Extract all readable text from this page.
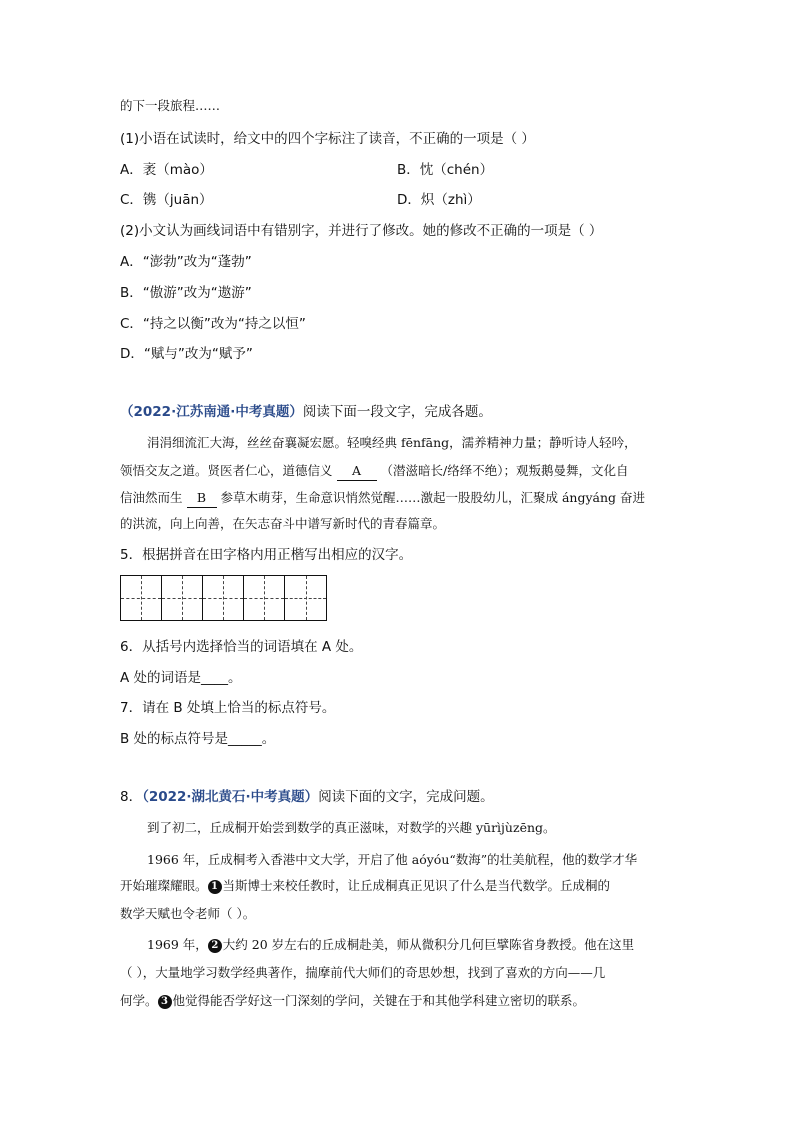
的下一段旅程……
(1)小语在试读时，给文中的四个字标注了读音，不正确的一项是（ ）
A．袤（mào）	B．忱（chén）
C．镌（juān）	D．炽（zhì）
(2)小文认为画线词语中有错别字，并进行了修改。她的修改不正确的一项是（ ）
A．“澎勃”改为“蓬勃”
B．“傲游”改为“遨游”
C．“持之以衡”改为“持之以恒”
D．“赋与”改为“赋予”
（2022·江苏南通·中考真题）阅读下面一段文字，完成各题。
涓涓细流汇大海，丝丝奋襄凝宏愿。轻嗅经典 fēnfāng，濡养精神力量；静听诗人轻吟，
领悟交友之道。贤医者仁心，道德信义 A （潜滋暗长/络绎不绝）；观叛鹅曼舞，文化自
信油然而生 B 参草木萌芽，生命意识悄然觉醒……激起一股股幼儿，汇聚成 ángyáng 奋进
的洪流，向上向善，在矢志奋斗中谱写新时代的青春篇章。
5．根据拼音在田字格内用正楷写出相应的汉字。
6．从括号内选择恰当的词语填在 A 处。
A 处的词语是____。
7．请在 B 处填上恰当的标点符号。
B 处的标点符号是_____。
8．（2022·湖北黄石·中考真题）阅读下面的文字，完成问题。
到了初二，丘成桐开始尝到数学的真正滋味，对数学的兴趣 yūrìjùzēng。
1966 年，丘成桐考入香港中文大学，开启了他 aóyóu“数海”的壮美航程，他的数学才华
开始璀璨耀眼。 1 当斯博士来校任教时，让丘成桐真正见识了什么是当代数学。丘成桐的
数学天赋也令老师（ ）。
1969 年， 2 大约 20 岁左右的丘成桐赴美，师从微积分几何巨擘陈省身教授。他在这里
（ ），大量地学习数学经典著作，揣摩前代大师们的奇思妙想，找到了喜欢的方向——几
何学。 3 他觉得能否学好这一门深刻的学问，关键在于和其他学科建立密切的联系。
